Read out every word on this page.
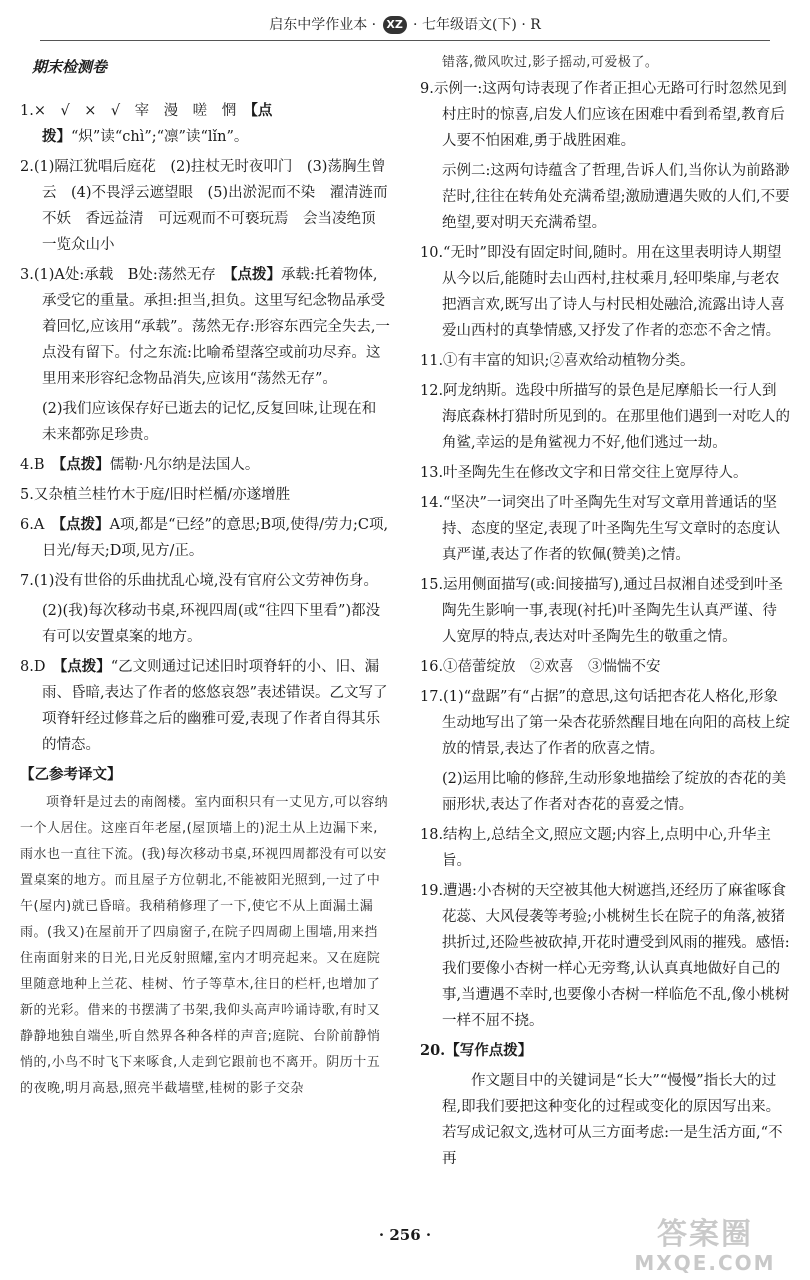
启东中学作业本 · XZ · 七年级语文(下) · R
期末检测卷
1.×　√　×　√　宰　漫　嗟　惘　【点拨】“炽”读“chì”;“凛”读“lǐn”。
2.(1)隔江犹唱后庭花　(2)拄杖无时夜叩门　(3)荡胸生曾云　(4)不畏浮云遮望眼　(5)出淤泥而不染　濯清涟而不妖　香远益清　可远观而不可亵玩焉　会当凌绝顶　一览众山小
3.(1)A处:承载　B处:荡然无存　【点拨】承载:托着物体,承受它的重量。承担:担当,担负。这里写纪念物品承受着回忆,应该用“承载”。荡然无存:形容东西完全失去,一点没有留下。付之东流:比喻希望落空或前功尽弃。这里用来形容纪念物品消失,应该用“荡然无存”。
(2)我们应该保存好已逝去的记忆,反复回味,让现在和未来都弥足珍贵。
4.B　【点拨】儒勒·凡尔纳是法国人。
5.又杂植兰桂竹木于庭/旧时栏楯/亦遂增胜
6.A　【点拨】A项,都是“已经”的意思;B项,使得/劳力;C项,日光/每天;D项,见方/正。
7.(1)没有世俗的乐曲扰乱心境,没有官府公文劳神伤身。
(2)(我)每次移动书桌,环视四周(或“往四下里看”)都没有可以安置桌案的地方。
8.D　【点拨】“乙文则通过记述旧时项脊轩的小、旧、漏雨、昏暗,表达了作者的悠悠哀怨”表述错误。乙文写了项脊轩经过修葺之后的幽雅可爱,表现了作者自得其乐的情态。
【乙参考译文】

项脊轩是过去的南阁楼。室内面积只有一丈见方,可以容纳一个人居住。这座百年老屋,(屋顶墙上的)泥土从上边漏下来,雨水也一直往下流。(我)每次移动书桌,环视四周都没有可以安置桌案的地方。而且屋子方位朝北,不能被阳光照到,一过了中午(屋内)就已昏暗。我稍稍修理了一下,使它不从上面漏土漏雨。(我又)在屋前开了四扇窗子,在院子四周砌上围墙,用来挡住南面射来的日光,日光反射照耀,室内才明亮起来。又在庭院里随意地种上兰花、桂树、竹子等草木,往日的栏杆,也增加了新的光彩。借来的书摆满了书架,我仰头高声吟诵诗歌,有时又静静地独自端坐,听自然界各种各样的声音;庭院、台阶前静悄悄的,小鸟不时飞下来啄食,人走到它跟前也不离开。阴历十五的夜晚,明月高悬,照亮半截墙壁,桂树的影子交杂

错落,微风吹过,影子摇动,可爱极了。

9.示例一:这两句诗表现了作者正担心无路可行时忽然见到村庄时的惊喜,启发人们应该在困难中看到希望,教育后人要不怕困难,勇于战胜困难。
示例二:这两句诗蕴含了哲理,告诉人们,当你认为前路渺茫时,往往在转角处充满希望;激励遭遇失败的人们,不要绝望,要对明天充满希望。
10.“无时”即没有固定时间,随时。用在这里表明诗人期望从今以后,能随时去山西村,拄杖乘月,轻叩柴扉,与老农把酒言欢,既写出了诗人与村民相处融洽,流露出诗人喜爱山西村的真挚情感,又抒发了作者的恋恋不舍之情。
11.①有丰富的知识;②喜欢给动植物分类。
12.阿龙纳斯。选段中所描写的景色是尼摩船长一行人到海底森林打猎时所见到的。在那里他们遇到一对吃人的角鲨,幸运的是角鲨视力不好,他们逃过一劫。
13.叶圣陶先生在修改文字和日常交往上宽厚待人。
14.“坚决”一词突出了叶圣陶先生对写文章用普通话的坚持、态度的坚定,表现了叶圣陶先生写文章时的态度认真严谨,表达了作者的钦佩(赞美)之情。
15.运用侧面描写(或:间接描写),通过吕叔湘自述受到叶圣陶先生影响一事,表现(衬托)叶圣陶先生认真严谨、待人宽厚的特点,表达对叶圣陶先生的敬重之情。
16.①蓓蕾绽放　②欢喜　③惴惴不安
17.(1)“盘踞”有“占据”的意思,这句话把杏花人格化,形象生动地写出了第一朵杏花骄然醒目地在向阳的高枝上绽放的情景,表达了作者的欣喜之情。
(2)运用比喻的修辞,生动形象地描绘了绽放的杏花的美丽形状,表达了作者对杏花的喜爱之情。
18.结构上,总结全文,照应文题;内容上,点明中心,升华主旨。
19.遭遇:小杏树的天空被其他大树遮挡,还经历了麻雀啄食花蕊、大风侵袭等考验;小桃树生长在院子的角落,被猪拱折过,还险些被砍掉,开花时遭受到风雨的摧残。感悟:我们要像小杏树一样心无旁骛,认认真真地做好自己的事,当遭遇不幸时,也要像小杏树一样临危不乱,像小桃树一样不屈不挠。
20.【写作点拨】

作文题目中的关键词是“长大”“慢慢”指长大的过程,即我们要把这种变化的过程或变化的原因写出来。若写成记叙文,选材可从三方面考虑:一是生活方面,“不再

· 256 ·	答案圈
MXQE.COM
